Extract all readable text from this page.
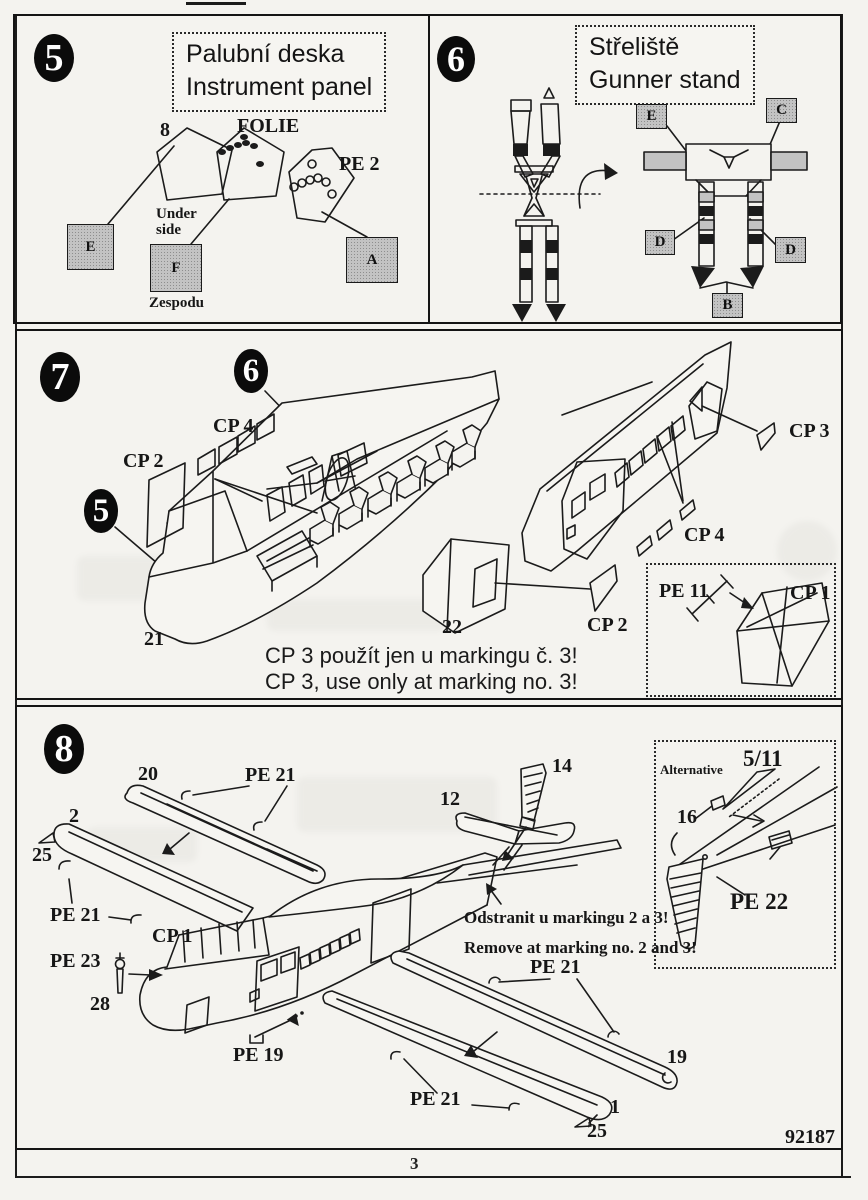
5	Palubní deska
Instrument panel
8	FOLIE
PE 2
Under
side
E
F	A
Zespodu
6	Střeliště
Gunner stand
E	C
D	D
B
7	6
5
CP 4
CP 2
21
22
CP 3
CP 4
CP 2
CP 3 použít jen u markingu č. 3!
CP 3, use only at marking no. 3!
PE 11	CP 1
8
20	PE 21
2
25
PE 21
CP 1
PE 23
28
PE 19
12
14
Odstranit u markingu 2 a 3!
Remove at marking no. 2 and 3!
PE 21
PE 21
19
1
25	92187
Alternative 5/11
16
PE 22
3
